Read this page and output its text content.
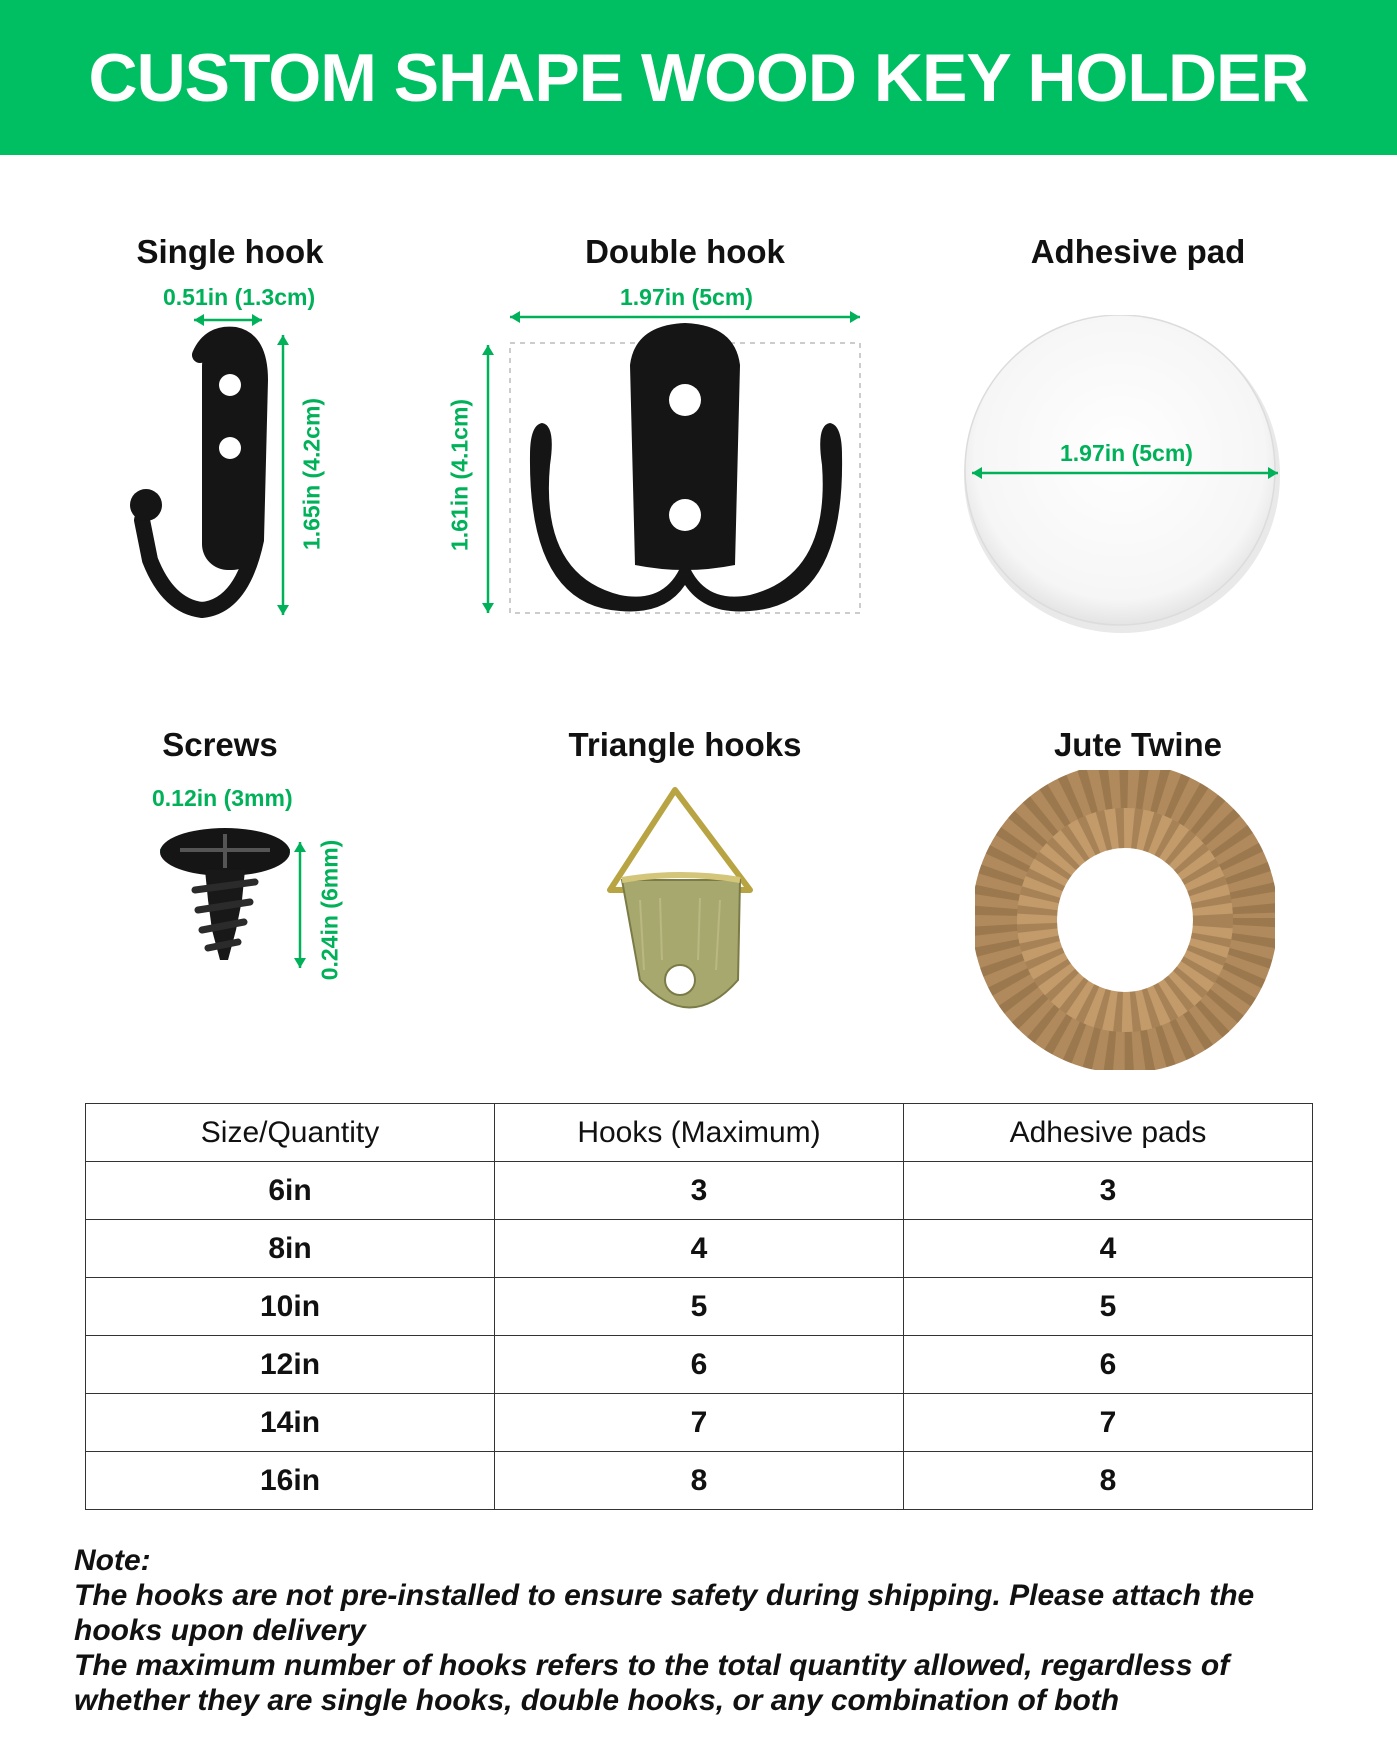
CUSTOM SHAPE WOOD KEY HOLDER
Single hook	Double hook	Adhesive pad
0.51in (1.3cm)
1.65in (4.2cm)
1.97in (5cm)
1.61in (4.1cm)	1.97in (5cm)
Screws	Triangle hooks	Jute Twine
0.12in (3mm)
0.24in (6mm)
Size/Quantity	Hooks (Maximum)	Adhesive pads
6in	3	3
8in	4	4
10in	5	5
12in	6	6
14in	7	7
16in	8	8
Note:
The hooks are not pre-installed to ensure safety during shipping. Please attach the hooks upon delivery
The maximum number of hooks refers to the total quantity allowed, regardless of whether they are single hooks, double hooks, or any combination of both
